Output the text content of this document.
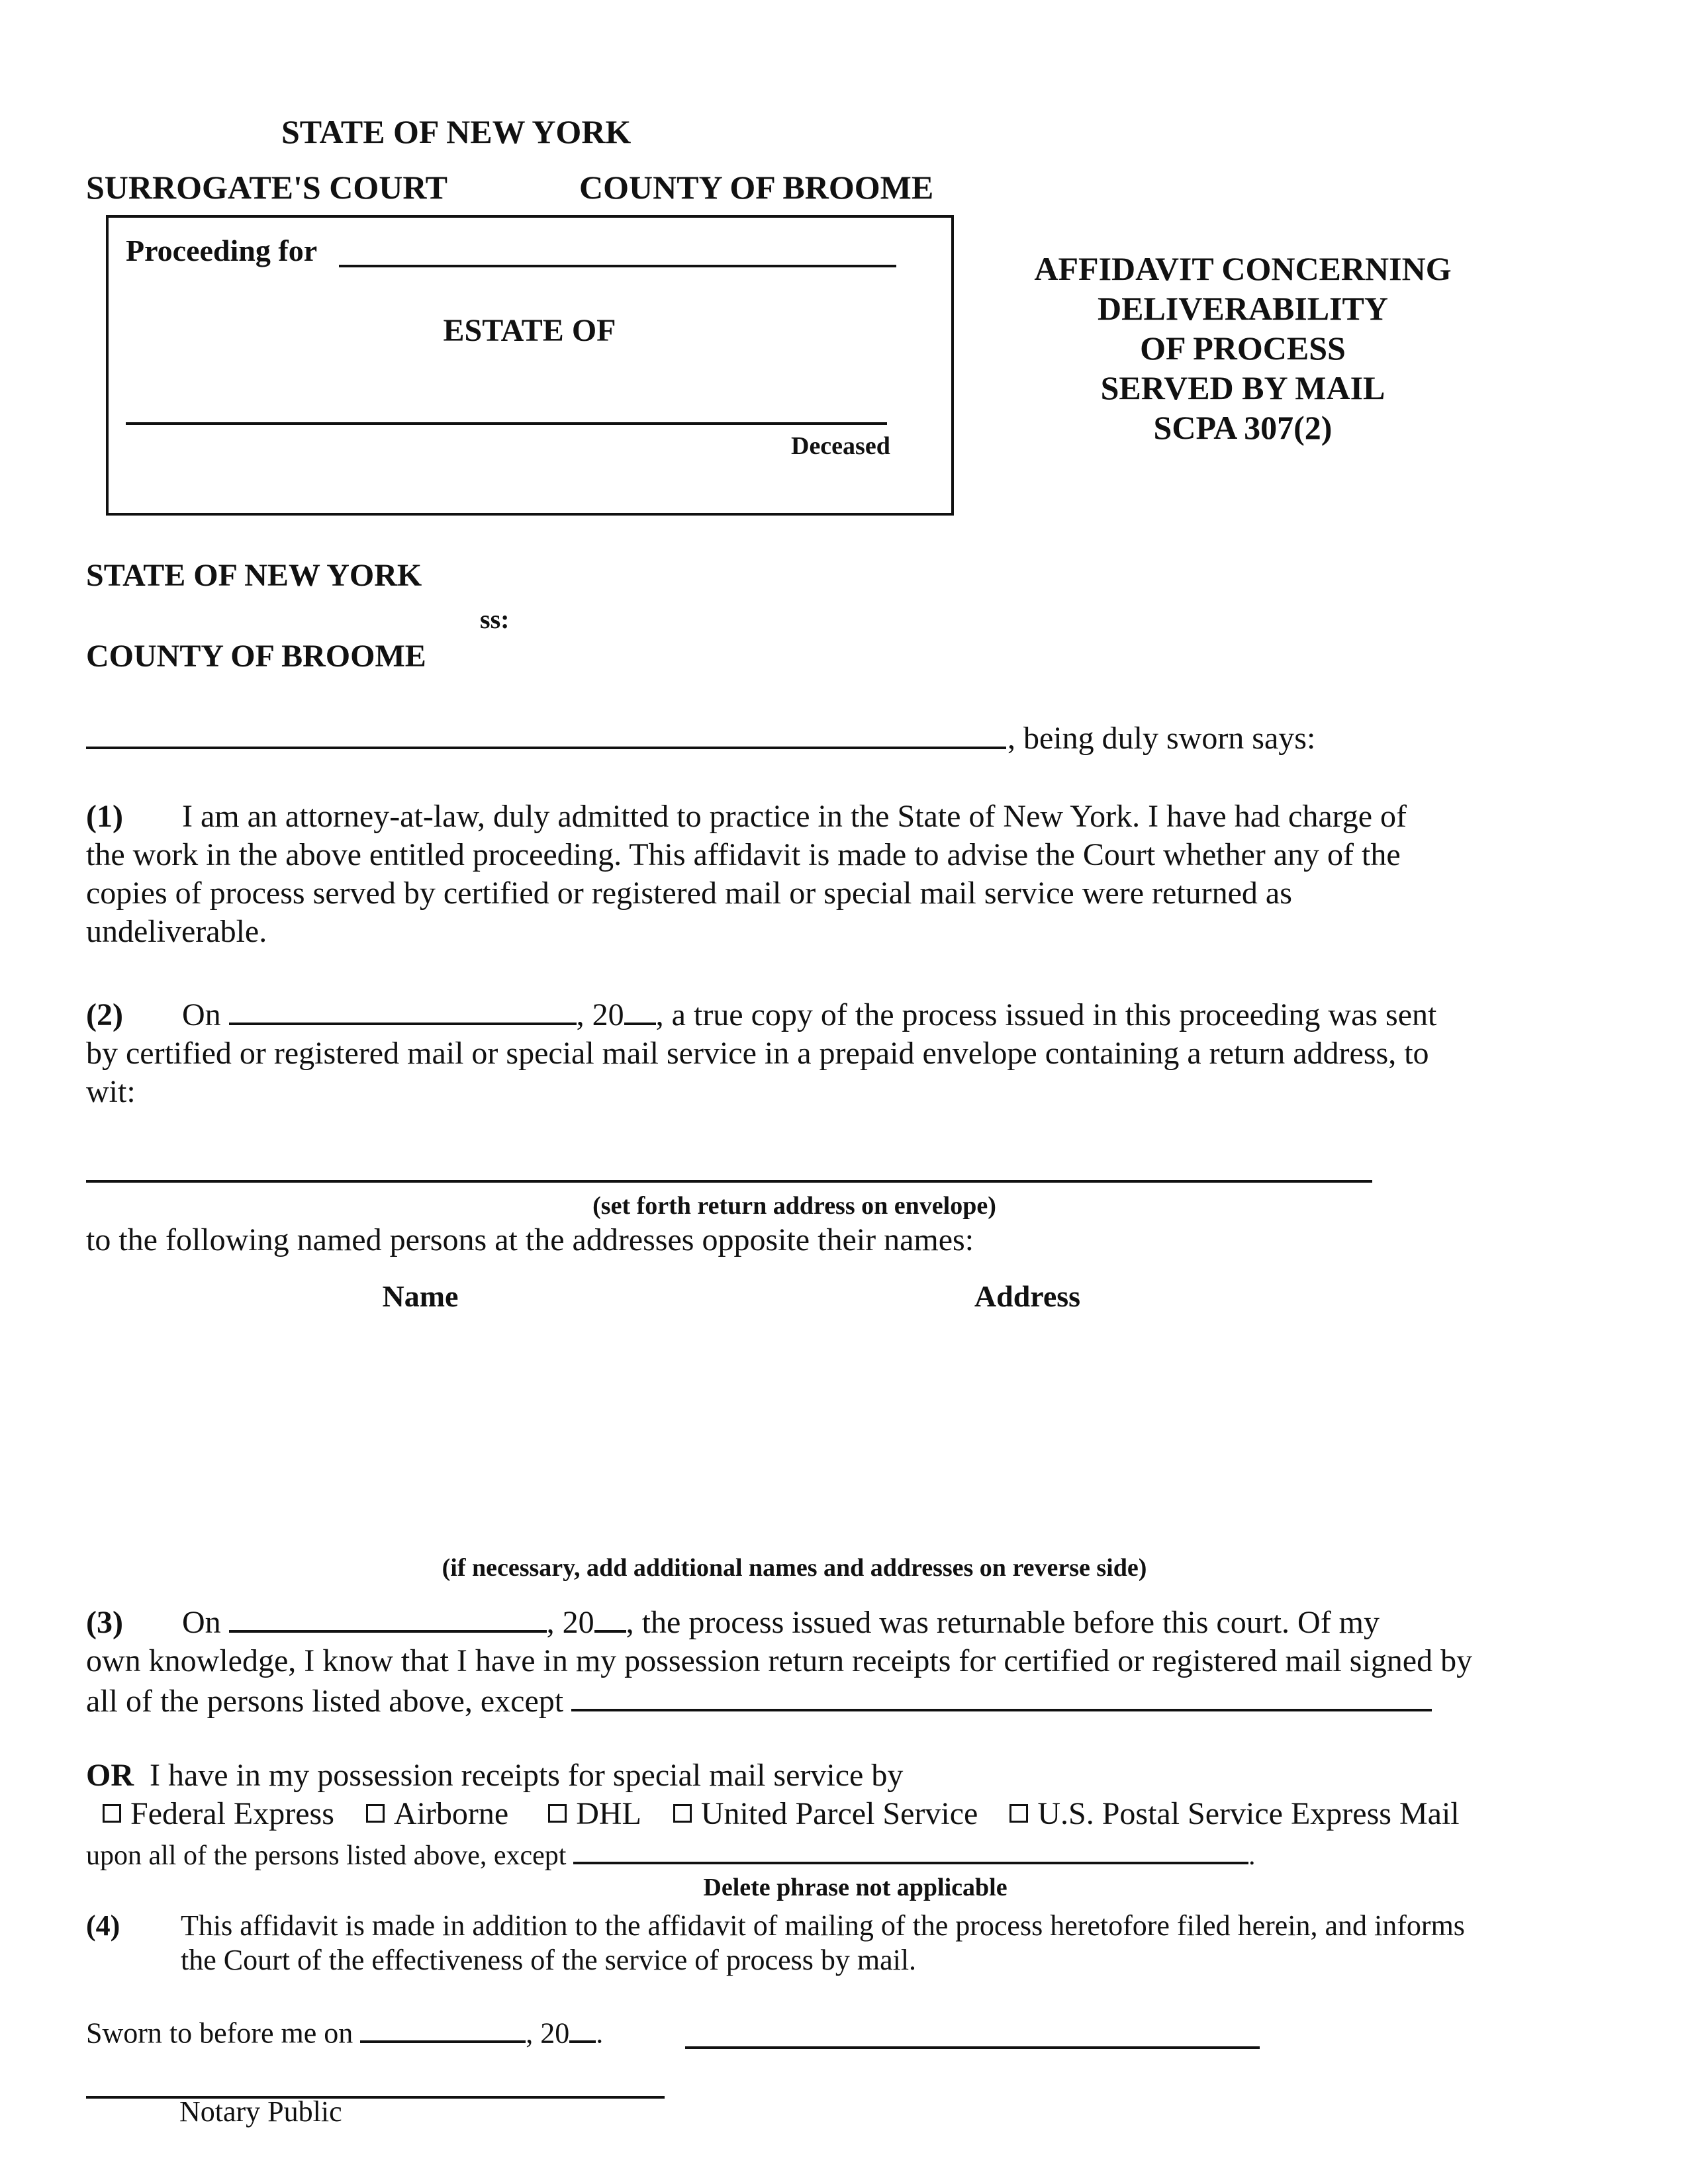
STATE OF NEW YORK
SURROGATE'S COURT	COUNTY OF BROOME
Proceeding for
ESTATE OF
Deceased
AFFIDAVIT CONCERNING
DELIVERABILITY
OF PROCESS
SERVED BY MAIL
SCPA 307(2)
STATE OF NEW YORK
ss:
COUNTY OF BROOME
, being duly sworn says:
(1) I am an attorney-at-law, duly admitted to practice in the State of New York. I have had charge of
the work in the above entitled proceeding. This affidavit is made to advise the Court whether any of the
copies of process served by certified or registered mail or special mail service were returned as
undeliverable.
(2) On	, 20 , a true copy of the process issued in this proceeding was sent
by certified or registered mail or special mail service in a prepaid envelope containing a return address, to
wit:
(set forth return address on envelope)
to the following named persons at the addresses opposite their names:
Name	Address
(if necessary, add additional names and addresses on reverse side)
(3) On	, 20 , the process issued was returnable before this court. Of my
own knowledge, I know that I have in my possession return receipts for certified or registered mail signed by
all of the persons listed above, except
OR I have in my possession receipts for special mail service by
Federal Express Airborne DHL United Parcel Service U.S. Postal Service Express Mail
upon all of the persons listed above, except	.
Delete phrase not applicable
(4) This affidavit is made in addition to the affidavit of mailing of the process heretofore filed herein, and informs
the Court of the effectiveness of the service of process by mail.
Sworn to before me on	, 20 .
Notary Public
